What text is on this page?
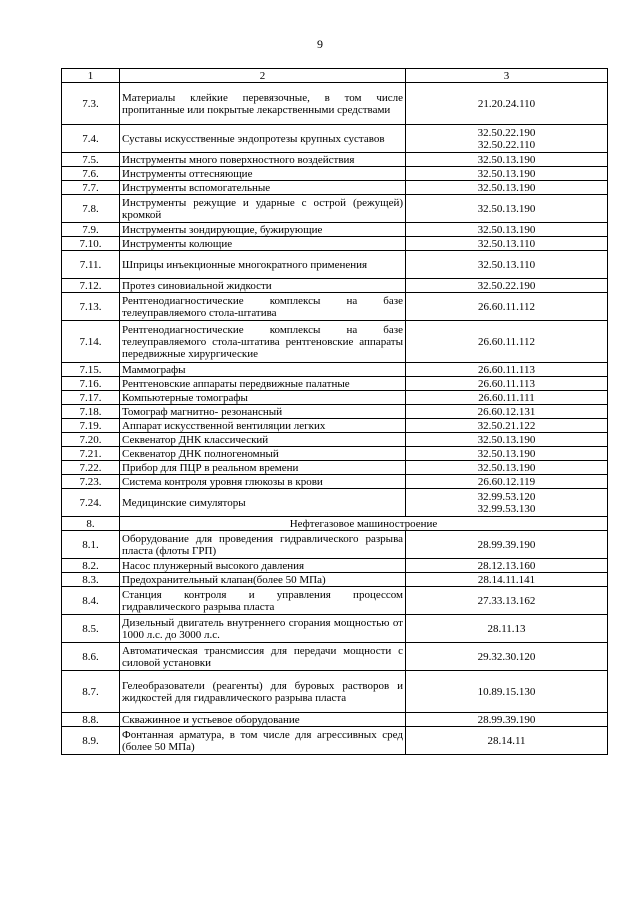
9
1	2	3
7.3.	Материалы клейкие перевязочные, в том числе пропитанные или покрытые лекарственными средствами	21.20.24.110

7.4.	Суставы искусственные эндопротезы крупных суставов	32.50.22.190
32.50.22.110

7.5.	Инструменты много поверхностного воздействия	32.50.13.190

7.6.	Инструменты оттесняющие	32.50.13.190

7.7.	Инструменты вспомогательные	32.50.13.190

7.8.	Инструменты режущие и ударные с острой (режущей) кромкой	32.50.13.190

7.9.	Инструменты зондирующие, бужирующие	32.50.13.190

7.10.	Инструменты колющие	32.50.13.110

7.11.	Шприцы инъекционные многократного применения	32.50.13.110

7.12.	Протез синовиальной жидкости	32.50.22.190

7.13.	Рентгенодиагностические комплексы на базе телеуправляемого стола-штатива	26.60.11.112

7.14.	Рентгенодиагностические комплексы на базе телеуправляемого стола-штатива рентгеновские аппараты передвижные хирургические	26.60.11.112

7.15.	Маммографы	26.60.11.113

7.16.	Рентгеновские аппараты передвижные палатные	26.60.11.113

7.17.	Компьютерные томографы	26.60.11.111

7.18.	Томограф магнитно- резонансный	26.60.12.131

7.19.	Аппарат искусственной вентиляции легких	32.50.21.122

7.20.	Секвенатор ДНК классический	32.50.13.190

7.21.	Секвенатор ДНК полногеномный	32.50.13.190

7.22.	Прибор для ПЦР в реальном времени	32.50.13.190

7.23.	Система контроля уровня глюкозы в крови	26.60.12.119

7.24.	Медицинские симуляторы	32.99.53.120
32.99.53.130

8.	Нефтегазовое машиностроение	
8.1.	Оборудование для проведения гидравлического разрыва пласта (флоты ГРП)	28.99.39.190

8.2.	Насос плунжерный высокого давления	28.12.13.160

8.3.	Предохранительный клапан(более 50 МПа)	28.14.11.141

8.4.	Станция контроля и управления процессом гидравлического разрыва пласта	27.33.13.162

8.5.	Дизельный двигатель внутреннего сгорания мощностью от 1000 л.с. до 3000 л.с.	28.11.13

8.6.	Автоматическая трансмиссия для передачи мощности с силовой установки	29.32.30.120

8.7.	Гелеобразователи (реагенты) для буровых растворов и жидкостей для гидравлического разрыва пласта	10.89.15.130

8.8.	Скважинное и устьевое оборудование	28.99.39.190

8.9.	Фонтанная арматура, в том числе для агрессивных сред (более 50 МПа)	28.14.11
